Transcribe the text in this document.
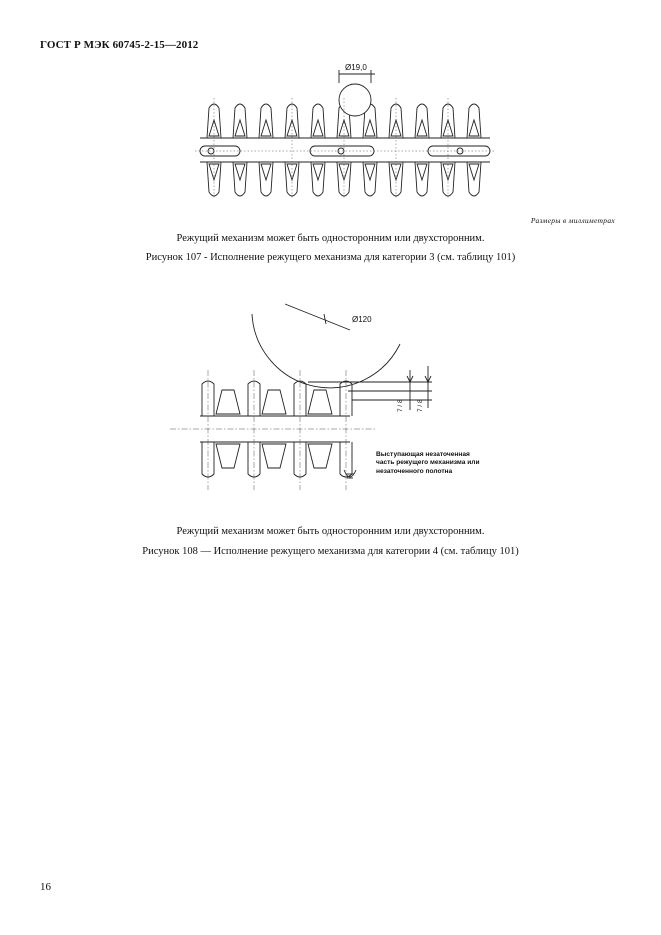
ГОСТ Р МЭК 60745-2-15—2012
Ø19,0
Размеры в миллиметрах
Режущий механизм может быть односторонним или двухсторонним.
Рисунок 107 - Исполнение режущего механизма для категории 3 (см. таблицу 101)
Ø120
7 / 8 7 / 8
Выступающая незаточенная
часть режущего механизма или
незаточенного полотна
Режущий механизм может быть односторонним или двухсторонним.
Рисунок 108 — Исполнение режущего механизма для категории 4 (см. таблицу 101)
16
